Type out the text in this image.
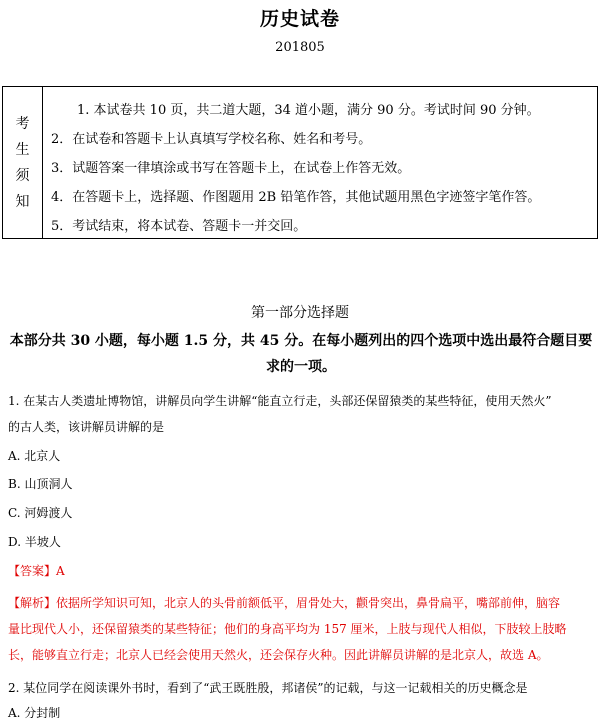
历史试卷
201805
考
生
须
知
1. 本试卷共 10 页，共二道大题，34 道小题，满分 90 分。考试时间 90 分钟。
2．在试卷和答题卡上认真填写学校名称、姓名和考号。
3．试题答案一律填涂或书写在答题卡上，在试卷上作答无效。
4．在答题卡上，选择题、作图题用 2B 铅笔作答，其他试题用黑色字迹签字笔作答。
5．考试结束，将本试卷、答题卡一并交回。
第一部分选择题
本部分共 30 小题，每小题 1.5 分，共 45 分。在每小题列出的四个选项中选出最符合题目要
求的一项。
1. 在某古人类遗址博物馆，讲解员向学生讲解“能直立行走，头部还保留猿类的某些特征，使用天然火”
的古人类，该讲解员讲解的是
A. 北京人
B. 山顶洞人
C. 河姆渡人
D. 半坡人
【答案】A
【解析】依据所学知识可知，北京人的头骨前额低平，眉骨处大，颧骨突出，鼻骨扁平，嘴部前伸，脑容
量比现代人小，还保留猿类的某些特征；他们的身高平均为 157 厘米，上肢与现代人相似，下肢较上肢略
长，能够直立行走；北京人已经会使用天然火，还会保存火种。因此讲解员讲解的是北京人，故选 A。
2. 某位同学在阅读课外书时，看到了“武王既胜殷，邦诸侯”的记载，与这一记载相关的历史概念是
A. 分封制
